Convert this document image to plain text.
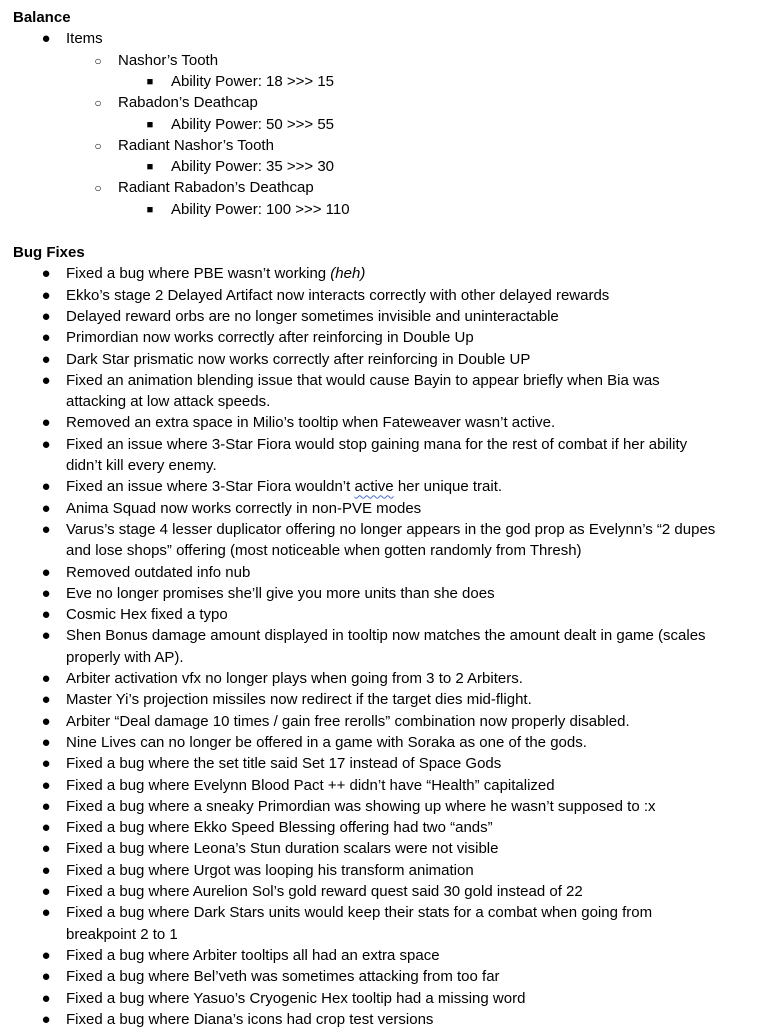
Balance
● Items
○ Nashor’s Tooth
■ Ability Power: 18 >>> 15
○ Rabadon’s Deathcap
■ Ability Power: 50 >>> 55
○ Radiant Nashor’s Tooth
■ Ability Power: 35 >>> 30
○ Radiant Rabadon’s Deathcap
■ Ability Power: 100 >>> 110
Bug Fixes
● Fixed a bug where PBE wasn’t working (heh)
● Ekko’s stage 2 Delayed Artifact now interacts correctly with other delayed rewards
● Delayed reward orbs are no longer sometimes invisible and uninteractable
● Primordian now works correctly after reinforcing in Double Up
● Dark Star prismatic now works correctly after reinforcing in Double UP
● Fixed an animation blending issue that would cause Bayin to appear briefly when Bia was
attacking at low attack speeds.
● Removed an extra space in Milio’s tooltip when Fateweaver wasn’t active.
● Fixed an issue where 3-Star Fiora would stop gaining mana for the rest of combat if her ability
didn’t kill every enemy.
● Fixed an issue where 3-Star Fiora wouldn’t active her unique trait.
● Anima Squad now works correctly in non-PVE modes
● Varus’s stage 4 lesser duplicator offering no longer appears in the god prop as Evelynn’s “2 dupes
and lose shops” offering (most noticeable when gotten randomly from Thresh)
● Removed outdated info nub
● Eve no longer promises she’ll give you more units than she does
● Cosmic Hex fixed a typo
● Shen Bonus damage amount displayed in tooltip now matches the amount dealt in game (scales
properly with AP).
● Arbiter activation vfx no longer plays when going from 3 to 2 Arbiters.
● Master Yi’s projection missiles now redirect if the target dies mid-flight.
● Arbiter “Deal damage 10 times / gain free rerolls” combination now properly disabled.
● Nine Lives can no longer be offered in a game with Soraka as one of the gods.
● Fixed a bug where the set title said Set 17 instead of Space Gods
● Fixed a bug where Evelynn Blood Pact ++ didn’t have “Health” capitalized
● Fixed a bug where a sneaky Primordian was showing up where he wasn’t supposed to :x
● Fixed a bug where Ekko Speed Blessing offering had two “ands”
● Fixed a bug where Leona’s Stun duration scalars were not visible
● Fixed a bug where Urgot was looping his transform animation
● Fixed a bug where Aurelion Sol’s gold reward quest said 30 gold instead of 22
● Fixed a bug where Dark Stars units would keep their stats for a combat when going from
breakpoint 2 to 1
● Fixed a bug where Arbiter tooltips all had an extra space
● Fixed a bug where Bel’veth was sometimes attacking from too far
● Fixed a bug where Yasuo’s Cryogenic Hex tooltip had a missing word
● Fixed a bug where Diana’s icons had crop test versions
